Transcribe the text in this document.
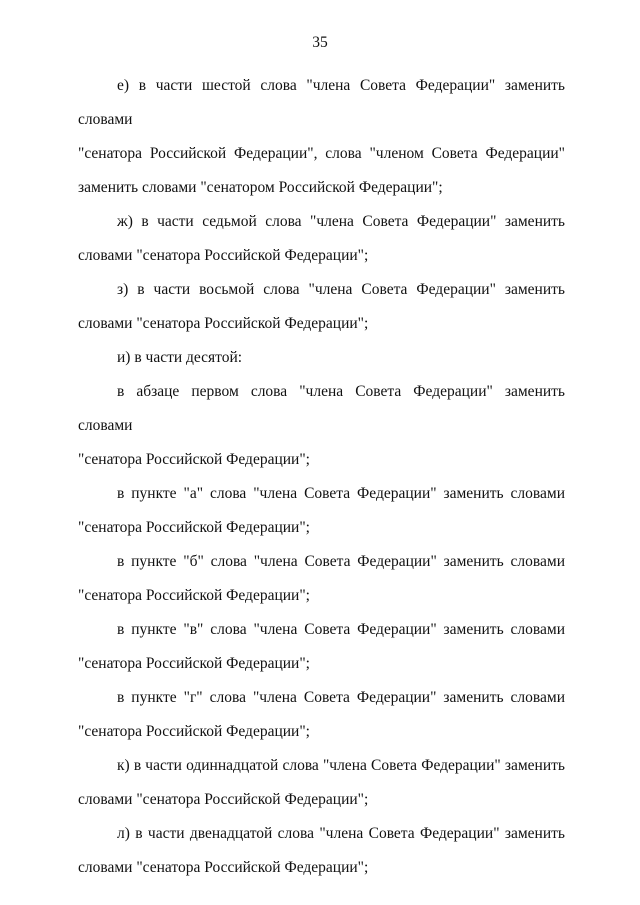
35

е) в части шестой слова "члена Совета Федерации" заменить словами

"сенатора Российской Федерации", слова "членом Совета Федерации"

заменить словами "сенатором Российской Федерации";

ж) в части седьмой слова "члена Совета Федерации" заменить

словами "сенатора Российской Федерации";

з) в части восьмой слова "члена Совета Федерации" заменить

словами "сенатора Российской Федерации";

и) в части десятой:

в абзаце первом слова "члена Совета Федерации" заменить словами

"сенатора Российской Федерации";

в пункте "а" слова "члена Совета Федерации" заменить словами

"сенатора Российской Федерации";

в пункте "б" слова "члена Совета Федерации" заменить словами

"сенатора Российской Федерации";

в пункте "в" слова "члена Совета Федерации" заменить словами

"сенатора Российской Федерации";

в пункте "г" слова "члена Совета Федерации" заменить словами

"сенатора Российской Федерации";

к) в части одиннадцатой слова "члена Совета Федерации" заменить

словами "сенатора Российской Федерации";

л) в части двенадцатой слова "члена Совета Федерации" заменить

словами "сенатора Российской Федерации";
